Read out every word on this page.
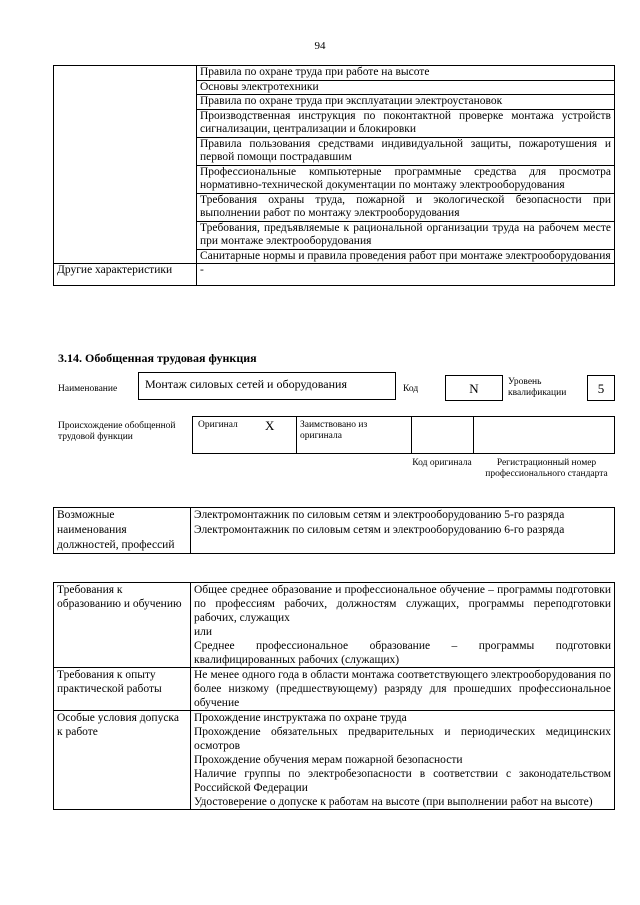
94
	Правила по охране труда при работе на высоте
	Основы электротехники
	Правила по охране труда при эксплуатации электроустановок
	Производственная инструкция по поконтактной проверке монтажа устройств сигнализации, централизации и блокировки
	Правила пользования средствами индивидуальной защиты, пожаротушения и первой помощи пострадавшим
	Профессиональные компьютерные программные средства для просмотра нормативно-технической документации по монтажу электрооборудования
	Требования охраны труда, пожарной и экологической безопасности при выполнении работ по монтажу электрооборудования
	Требования, предъявляемые к рациональной организации труда на рабочем месте при монтаже электрооборудования
	Санитарные нормы и правила проведения работ при монтаже электрооборудования
Другие характеристики	-
3.14. Обобщенная трудовая функция
Наименование	Монтаж силовых сетей и оборудования	Код	N	Уровень квалификации	5
Происхождение обобщенной трудовой функции
Оригинал X	Заимствовано из оригинала
Код оригинала	Регистрационный номер профессионального стандарта
Возможные наименования должностей, профессий	
Электромонтажник по силовым сетям и электрооборудованию 5-го разряда
Электромонтажник по силовым сетям и электрооборудованию 6-го разряда
Требования к образованию и обучению	Общее среднее образование и профессиональное обучение – программы подготовки по профессиям рабочих, должностям служащих, программы переподготовки рабочих, служащих
или
Среднее профессиональное образование – программы подготовки квалифицированных рабочих (служащих)

Требования к опыту практической работы	Не менее одного года в области монтажа соответствующего электрооборудования по более низкому (предшествующему) разряду для прошедших профессиональное обучение

Особые условия допуска к работе	Прохождение инструктажа по охране труда
Прохождение обязательных предварительных и периодических медицинских осмотров
Прохождение обучения мерам пожарной безопасности
Наличие группы по электробезопасности в соответствии с законодательством Российской Федерации
Удостоверение о допуске к работам на высоте (при выполнении работ на высоте)
